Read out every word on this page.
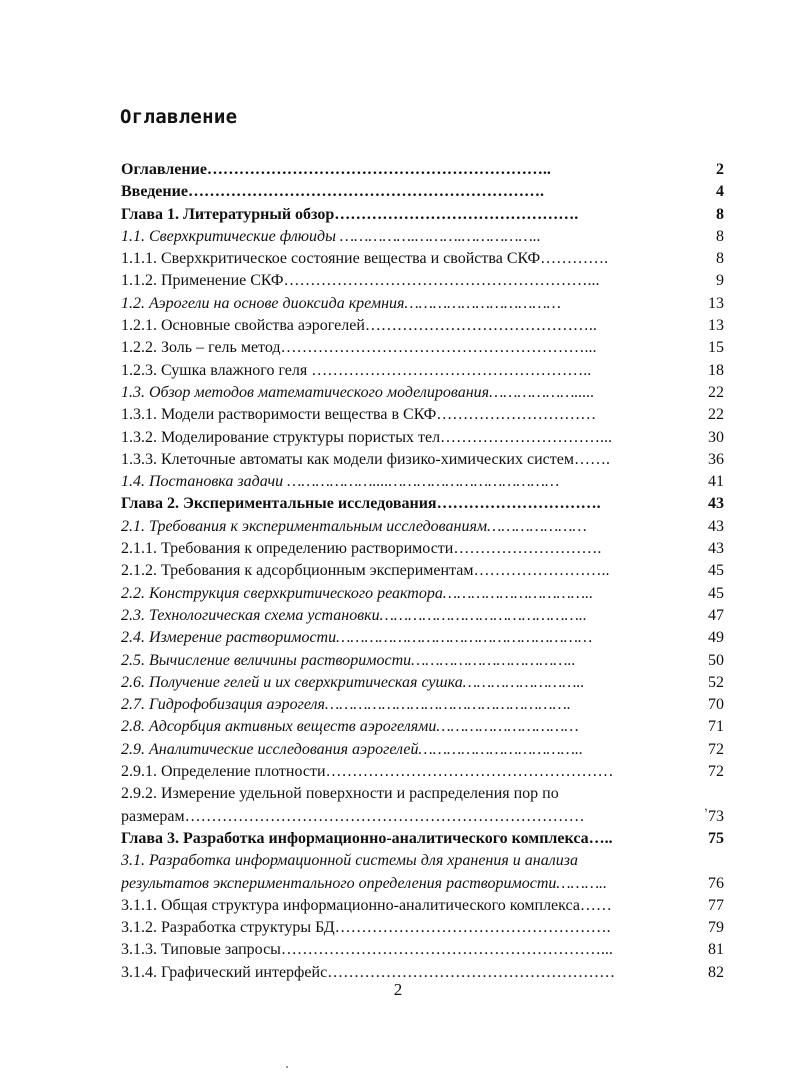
Оглавление
Оглавление………………………………………………………..	2
Введение………………………………………………………….	4
Глава 1. Литературный обзор……………………………………….	8
1.1. Сверхкритические флюиды …………….……….……………..	8
1.1.1. Сверхкритическое состояние вещества и свойства СКФ………….	8
1.1.2. Применение СКФ…………………………………………………...	9
1.2. Аэрогели на основе диоксида кремния……………………………	13
1.2.1. Основные свойства аэрогелей……………………………………..	13
1.2.2. Золь – гель метод…………………………………………………...	15
1.2.3. Сушка влажного геля ……………………………………………..	18
1.3. Обзор методов математического моделирования……………….....	22
1.3.1. Модели растворимости вещества в СКФ…………………………	22
1.3.2. Моделирование структуры пористых тел…………………………...	30
1.3.3. Клеточные автоматы как модели физико-химических систем…….	36
1.4. Постановка задачи ………………....………………………………	41
Глава 2. Экспериментальные исследования………………………….	43
2.1. Требования к экспериментальным исследованиям…………………	43
2.1.1. Требования к определению растворимости……………………….	43
2.1.2. Требования к адсорбционным экспериментам……………………..	45
2.2. Конструкция сверхкритического реактора…………………………..	45
2.3. Технологическая схема установки……………………………………..	47
2.4. Измерение растворимости………………………………………………	49
2.5. Вычисление величины растворимости……………………………..	50
2.6. Получение гелей и их сверхкритическая сушка……………………..	52
2.7. Гидрофобизация аэрогеля…………………………………………….	70
2.8. Адсорбция активных веществ аэрогелями…………………………	71
2.9. Аналитические исследования аэрогелей……………………………..	72
2.9.1. Определение плотности………………………………………………	72
2.9.2. Измерение удельной поверхности и распределения пор по
размерам…………………………………………………………………	73
Глава 3. Разработка информационно-аналитического комплекса…..	75
3.1. Разработка информационной системы для хранения и анализа
результатов экспериментального определения растворимости………..	76
3.1.1. Общая структура информационно-аналитического комплекса……	77
3.1.2. Разработка структуры БД…………………………………………….	79
3.1.3. Типовые запросы……………………………………………………...	81
3.1.4. Графический интерфейс………………………………………………	82
,
2
